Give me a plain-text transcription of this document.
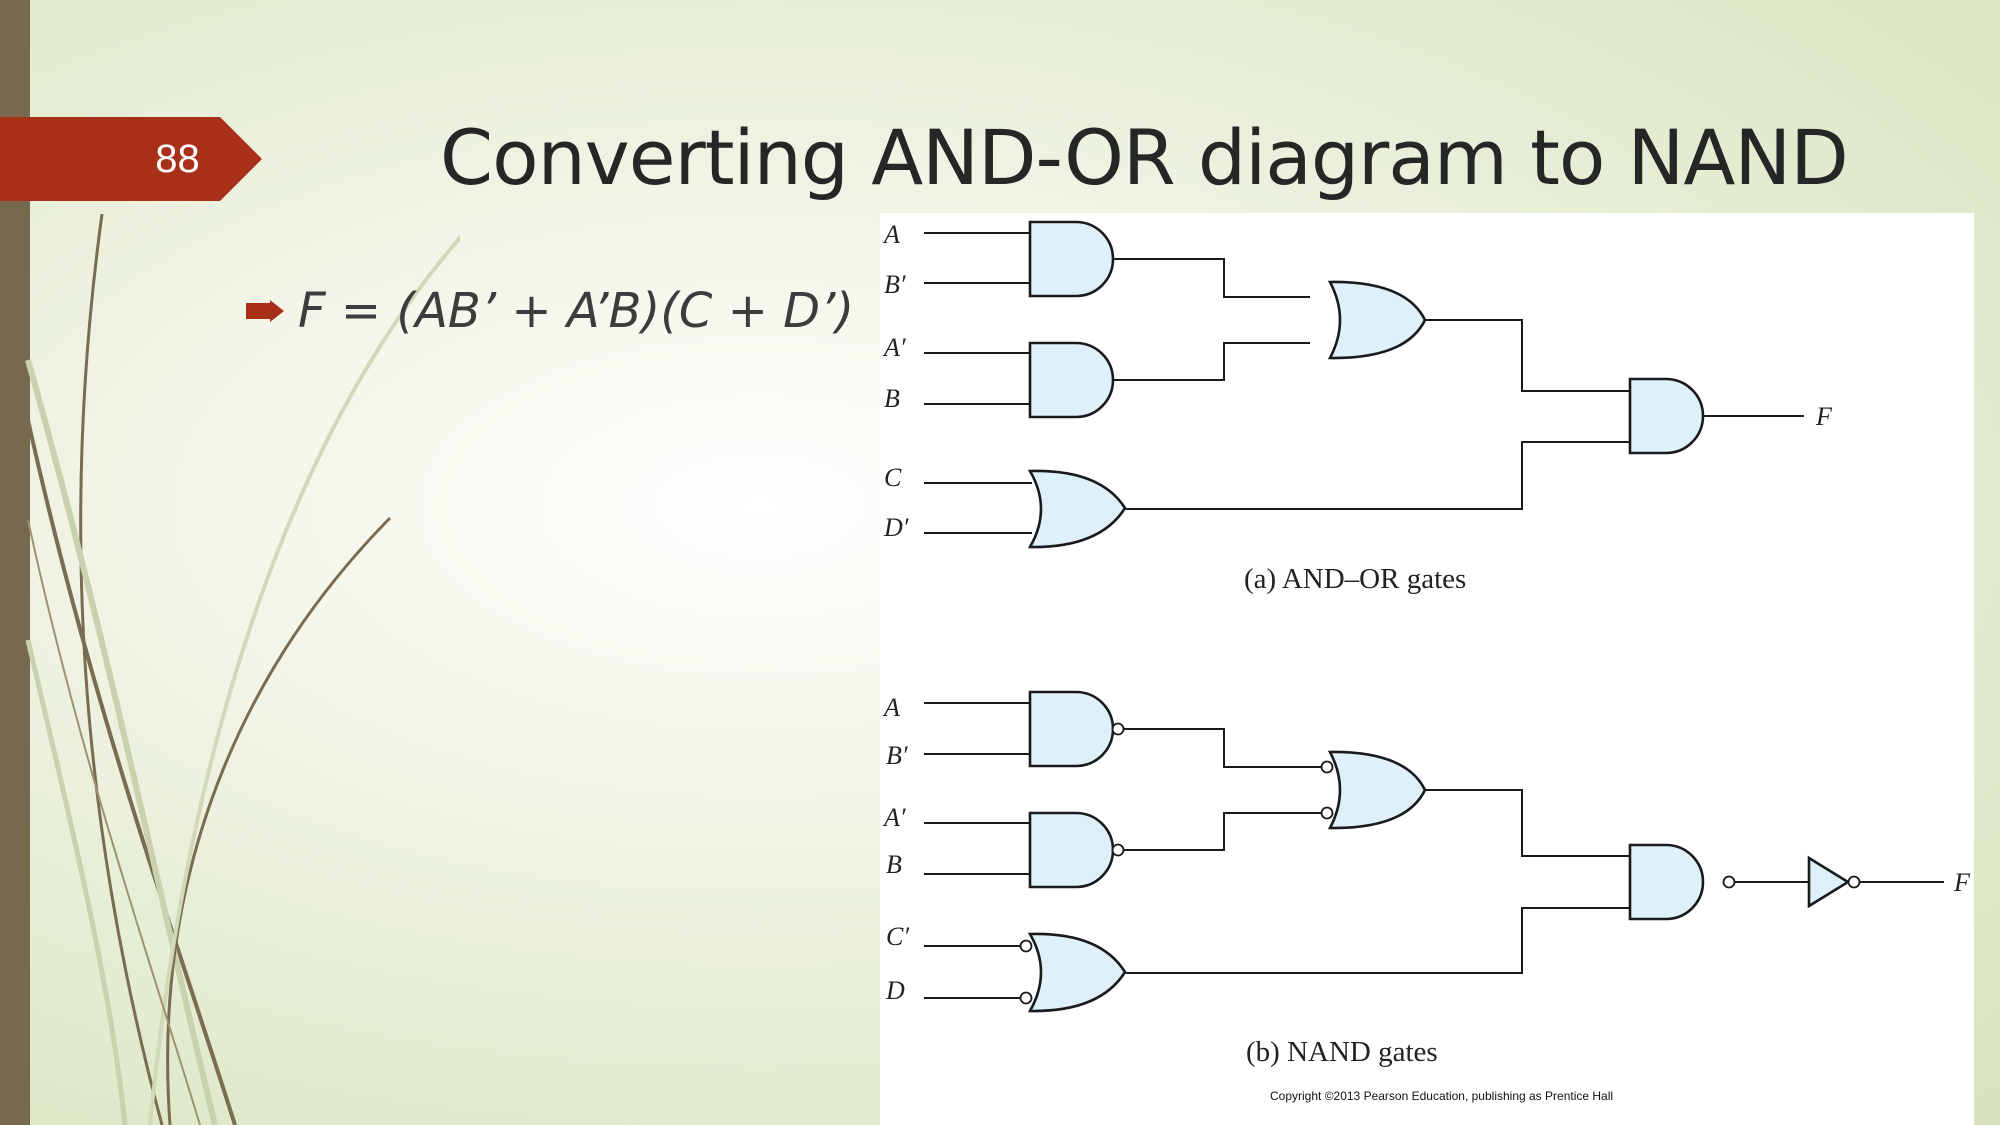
88	Converting AND-OR diagram to NAND
F = (AB’ + A’B)(C + D’)
A
B′
A′
B
C
D′
F
(a) AND–OR gates
A
B′
A′
B
C′
D
F
(b) NAND gates
Copyright ©2013 Pearson Education, publishing as Prentice Hall
